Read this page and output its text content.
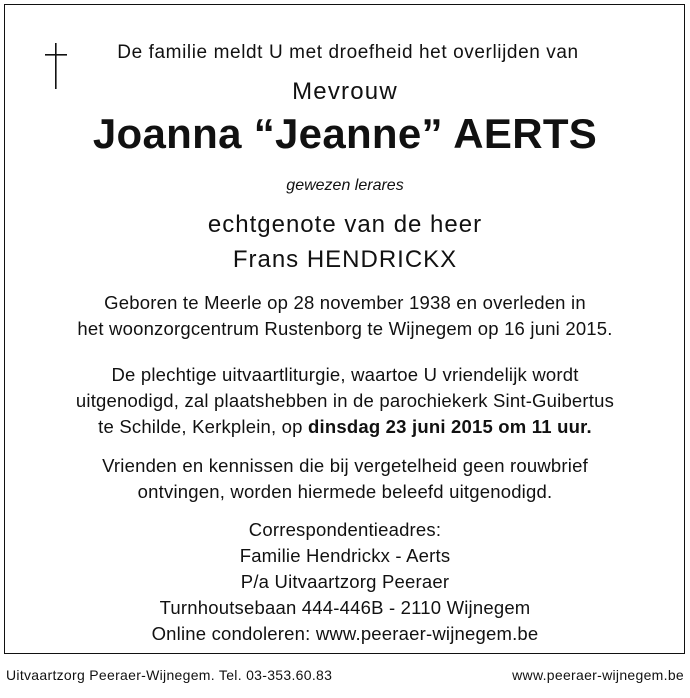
De familie meldt U met droefheid het overlijden van
Mevrouw
Joanna “Jeanne” AERTS
gewezen lerares
echtgenote van de heer
Frans HENDRICKX
Geboren te Meerle op 28 november 1938 en overleden in
het woonzorgcentrum Rustenborg te Wijnegem op 16 juni 2015.
De plechtige uitvaartliturgie, waartoe U vriendelijk wordt
uitgenodigd, zal plaatshebben in de parochiekerk Sint-Guibertus
te Schilde, Kerkplein, op dinsdag 23 juni 2015 om 11 uur.
Vrienden en kennissen die bij vergetelheid geen rouwbrief
ontvingen, worden hiermede beleefd uitgenodigd.
Correspondentieadres:
Familie Hendrickx - Aerts
P/a Uitvaartzorg Peeraer
Turnhoutsebaan 444-446B - 2110 Wijnegem
Online condoleren: www.peeraer-wijnegem.be
Uitvaartzorg Peeraer-Wijnegem. Tel. 03-353.60.83	www.peeraer-wijnegem.be
